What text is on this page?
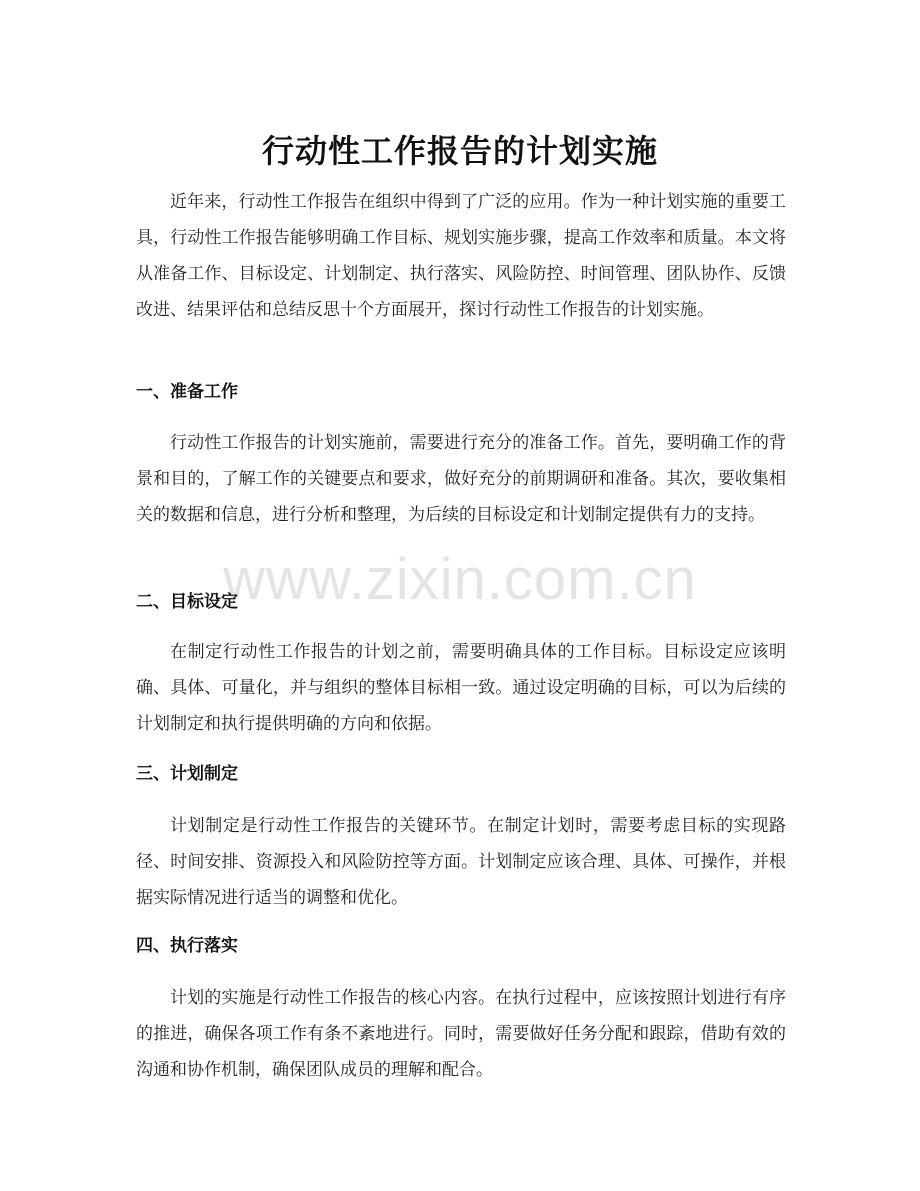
行动性工作报告的计划实施

近年来，行动性工作报告在组织中得到了广泛的应用。作为一种计划实施的重要工具，行动性工作报告能够明确工作目标、规划实施步骤，提高工作效率和质量。本文将从准备工作、目标设定、计划制定、执行落实、风险防控、时间管理、团队协作、反馈改进、结果评估和总结反思十个方面展开，探讨行动性工作报告的计划实施。

一、准备工作

行动性工作报告的计划实施前，需要进行充分的准备工作。首先，要明确工作的背景和目的，了解工作的关键要点和要求，做好充分的前期调研和准备。其次，要收集相关的数据和信息，进行分析和整理，为后续的目标设定和计划制定提供有力的支持。

二、目标设定

在制定行动性工作报告的计划之前，需要明确具体的工作目标。目标设定应该明确、具体、可量化，并与组织的整体目标相一致。通过设定明确的目标，可以为后续的计划制定和执行提供明确的方向和依据。

三、计划制定

计划制定是行动性工作报告的关键环节。在制定计划时，需要考虑目标的实现路径、时间安排、资源投入和风险防控等方面。计划制定应该合理、具体、可操作，并根据实际情况进行适当的调整和优化。

四、执行落实

计划的实施是行动性工作报告的核心内容。在执行过程中，应该按照计划进行有序的推进，确保各项工作有条不紊地进行。同时，需要做好任务分配和跟踪，借助有效的沟通和协作机制，确保团队成员的理解和配合。

www.zixin.com.cn
